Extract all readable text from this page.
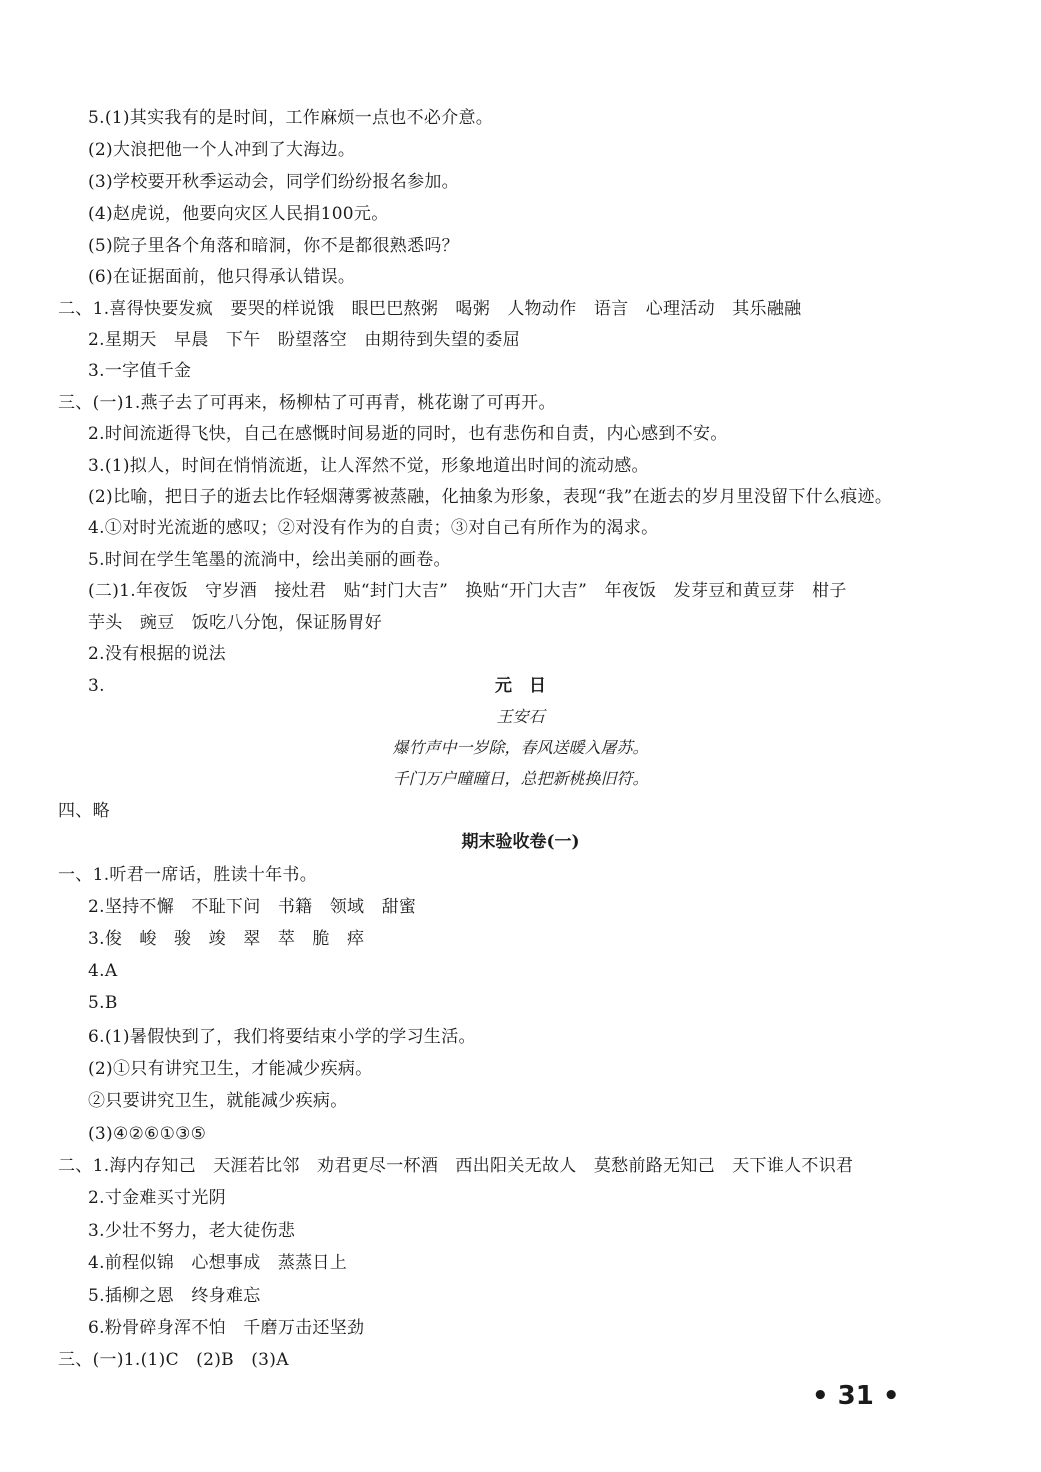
5.(1)其实我有的是时间，工作麻烦一点也不必介意。
(2)大浪把他一个人冲到了大海边。
(3)学校要开秋季运动会，同学们纷纷报名参加。
(4)赵虎说，他要向灾区人民捐100元。
(5)院子里各个角落和暗洞，你不是都很熟悉吗？
(6)在证据面前，他只得承认错误。
二、1.喜得快要发疯　要哭的样说饿　眼巴巴熬粥　喝粥　人物动作　语言　心理活动　其乐融融
2.星期天　早晨　下午　盼望落空　由期待到失望的委屈
3.一字值千金
三、(一)1.燕子去了可再来，杨柳枯了可再青，桃花谢了可再开。
2.时间流逝得飞快，自己在感慨时间易逝的同时，也有悲伤和自责，内心感到不安。
3.(1)拟人，时间在悄悄流逝，让人浑然不觉，形象地道出时间的流动感。
(2)比喻，把日子的逝去比作轻烟薄雾被蒸融，化抽象为形象，表现“我”在逝去的岁月里没留下什么痕迹。
4.①对时光流逝的感叹；②对没有作为的自责；③对自己有所作为的渴求。
5.时间在学生笔墨的流淌中，绘出美丽的画卷。
(二)1.年夜饭　守岁酒　接灶君　贴“封门大吉”　换贴“开门大吉”　年夜饭　发芽豆和黄豆芽　柑子
芋头　豌豆　饭吃八分饱，保证肠胃好
2.没有根据的说法
3.	元　日
王安石
爆竹声中一岁除，春风送暖入屠苏。
千门万户曈曈日，总把新桃换旧符。
四、略
期末验收卷(一)
一、1.听君一席话，胜读十年书。
2.坚持不懈　不耻下问　书籍　领域　甜蜜
3.俊　峻　骏　竣　翠　萃　脆　瘁
4.A
5.B
6.(1)暑假快到了，我们将要结束小学的学习生活。
(2)①只有讲究卫生，才能减少疾病。
②只要讲究卫生，就能减少疾病。
(3)④②⑥①③⑤
二、1.海内存知己　天涯若比邻　劝君更尽一杯酒　西出阳关无故人　莫愁前路无知己　天下谁人不识君
2.寸金难买寸光阴
3.少壮不努力，老大徒伤悲
4.前程似锦　心想事成　蒸蒸日上
5.插柳之恩　终身难忘
6.粉骨碎身浑不怕　千磨万击还坚劲
三、(一)1.(1)C　(2)B　(3)A
• 31 •
